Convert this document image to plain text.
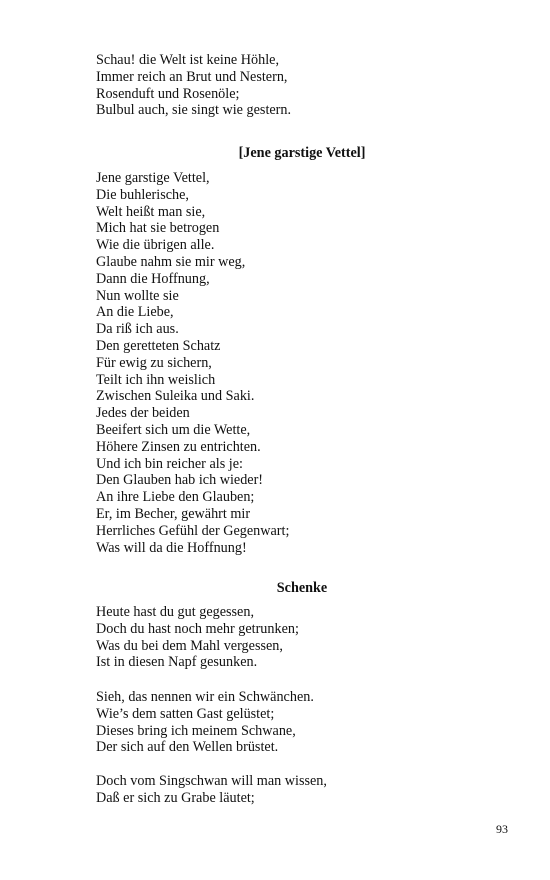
Schau! die Welt ist keine Höhle,
Immer reich an Brut und Nestern,
Rosenduft und Rosenöle;
Bulbul auch, sie singt wie gestern.
[Jene garstige Vettel]
Jene garstige Vettel,
Die buhlerische,
Welt heißt man sie,
Mich hat sie betrogen
Wie die übrigen alle.
Glaube nahm sie mir weg,
Dann die Hoffnung,
Nun wollte sie
An die Liebe,
Da riß ich aus.
Den geretteten Schatz
Für ewig zu sichern,
Teilt ich ihn weislich
Zwischen Suleika und Saki.
Jedes der beiden
Beeifert sich um die Wette,
Höhere Zinsen zu entrichten.
Und ich bin reicher als je:
Den Glauben hab ich wieder!
An ihre Liebe den Glauben;
Er, im Becher, gewährt mir
Herrliches Gefühl der Gegenwart;
Was will da die Hoffnung!
Schenke
Heute hast du gut gegessen,
Doch du hast noch mehr getrunken;
Was du bei dem Mahl vergessen,
Ist in diesen Napf gesunken.
Sieh, das nennen wir ein Schwänchen.
Wie’s dem satten Gast gelüstet;
Dieses bring ich meinem Schwane,
Der sich auf den Wellen brüstet.
Doch vom Singschwan will man wissen,
Daß er sich zu Grabe läutet;
93
